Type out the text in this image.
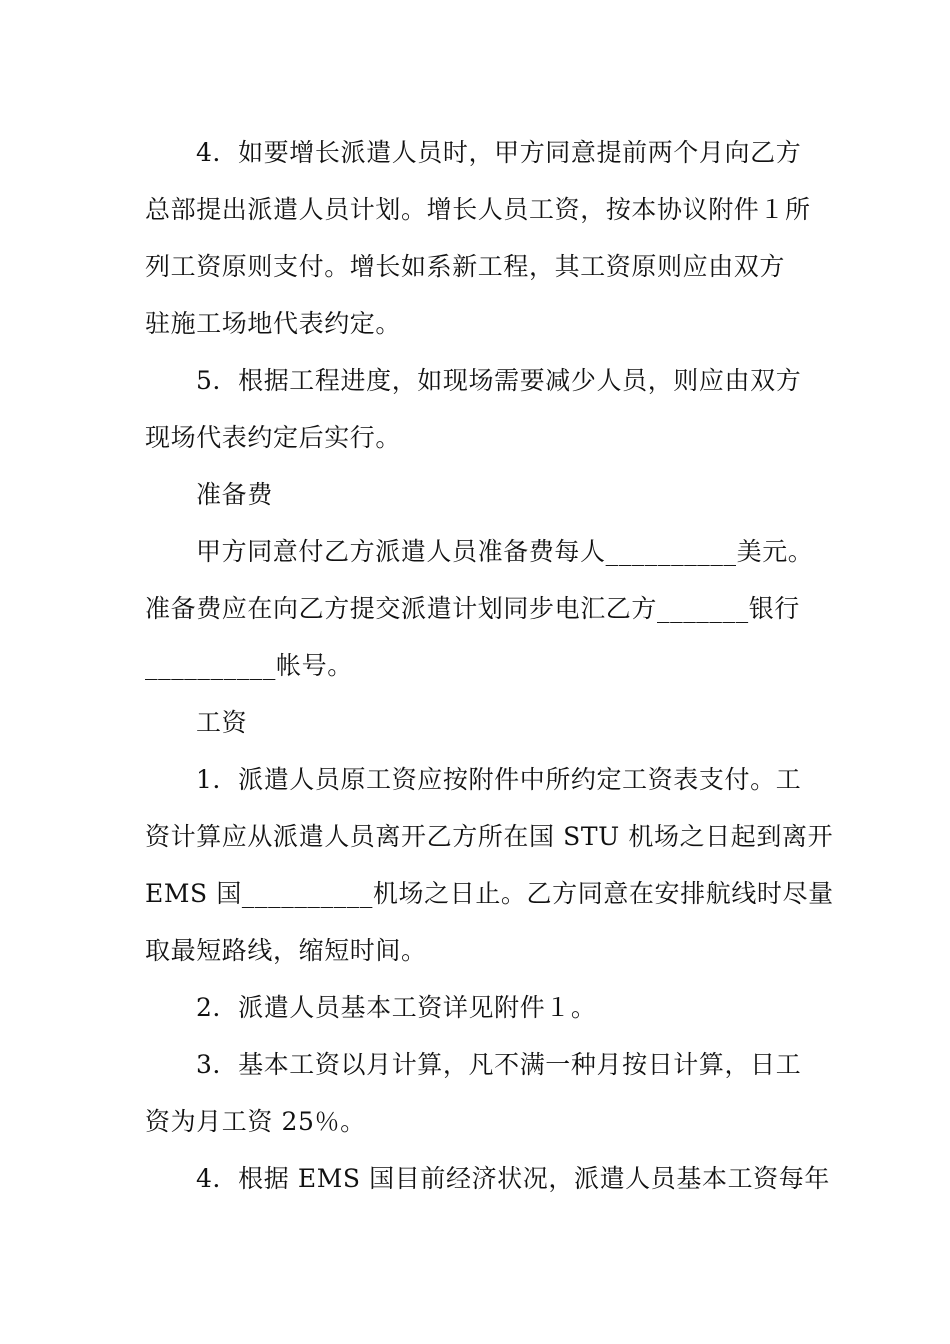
4．如要增长派遣人员时，甲方同意提前两个月向乙方
总部提出派遣人员计划。增长人员工资，按本协议附件１所
列工资原则支付。增长如系新工程，其工资原则应由双方
驻施工场地代表约定。
5．根据工程进度，如现场需要减少人员，则应由双方
现场代表约定后实行。
准备费
甲方同意付乙方派遣人员准备费每人__________美元。
准备费应在向乙方提交派遣计划同步电汇乙方_______银行
__________帐号。
工资
1．派遣人员原工资应按附件中所约定工资表支付。工
资计算应从派遣人员离开乙方所在国 STU 机场之日起到离开
EMS 国__________机场之日止。乙方同意在安排航线时尽量
取最短路线，缩短时间。
2．派遣人员基本工资详见附件１。
3．基本工资以月计算，凡不满一种月按日计算，日工
资为月工资 25％。
4．根据 EMS 国目前经济状况，派遣人员基本工资每年
